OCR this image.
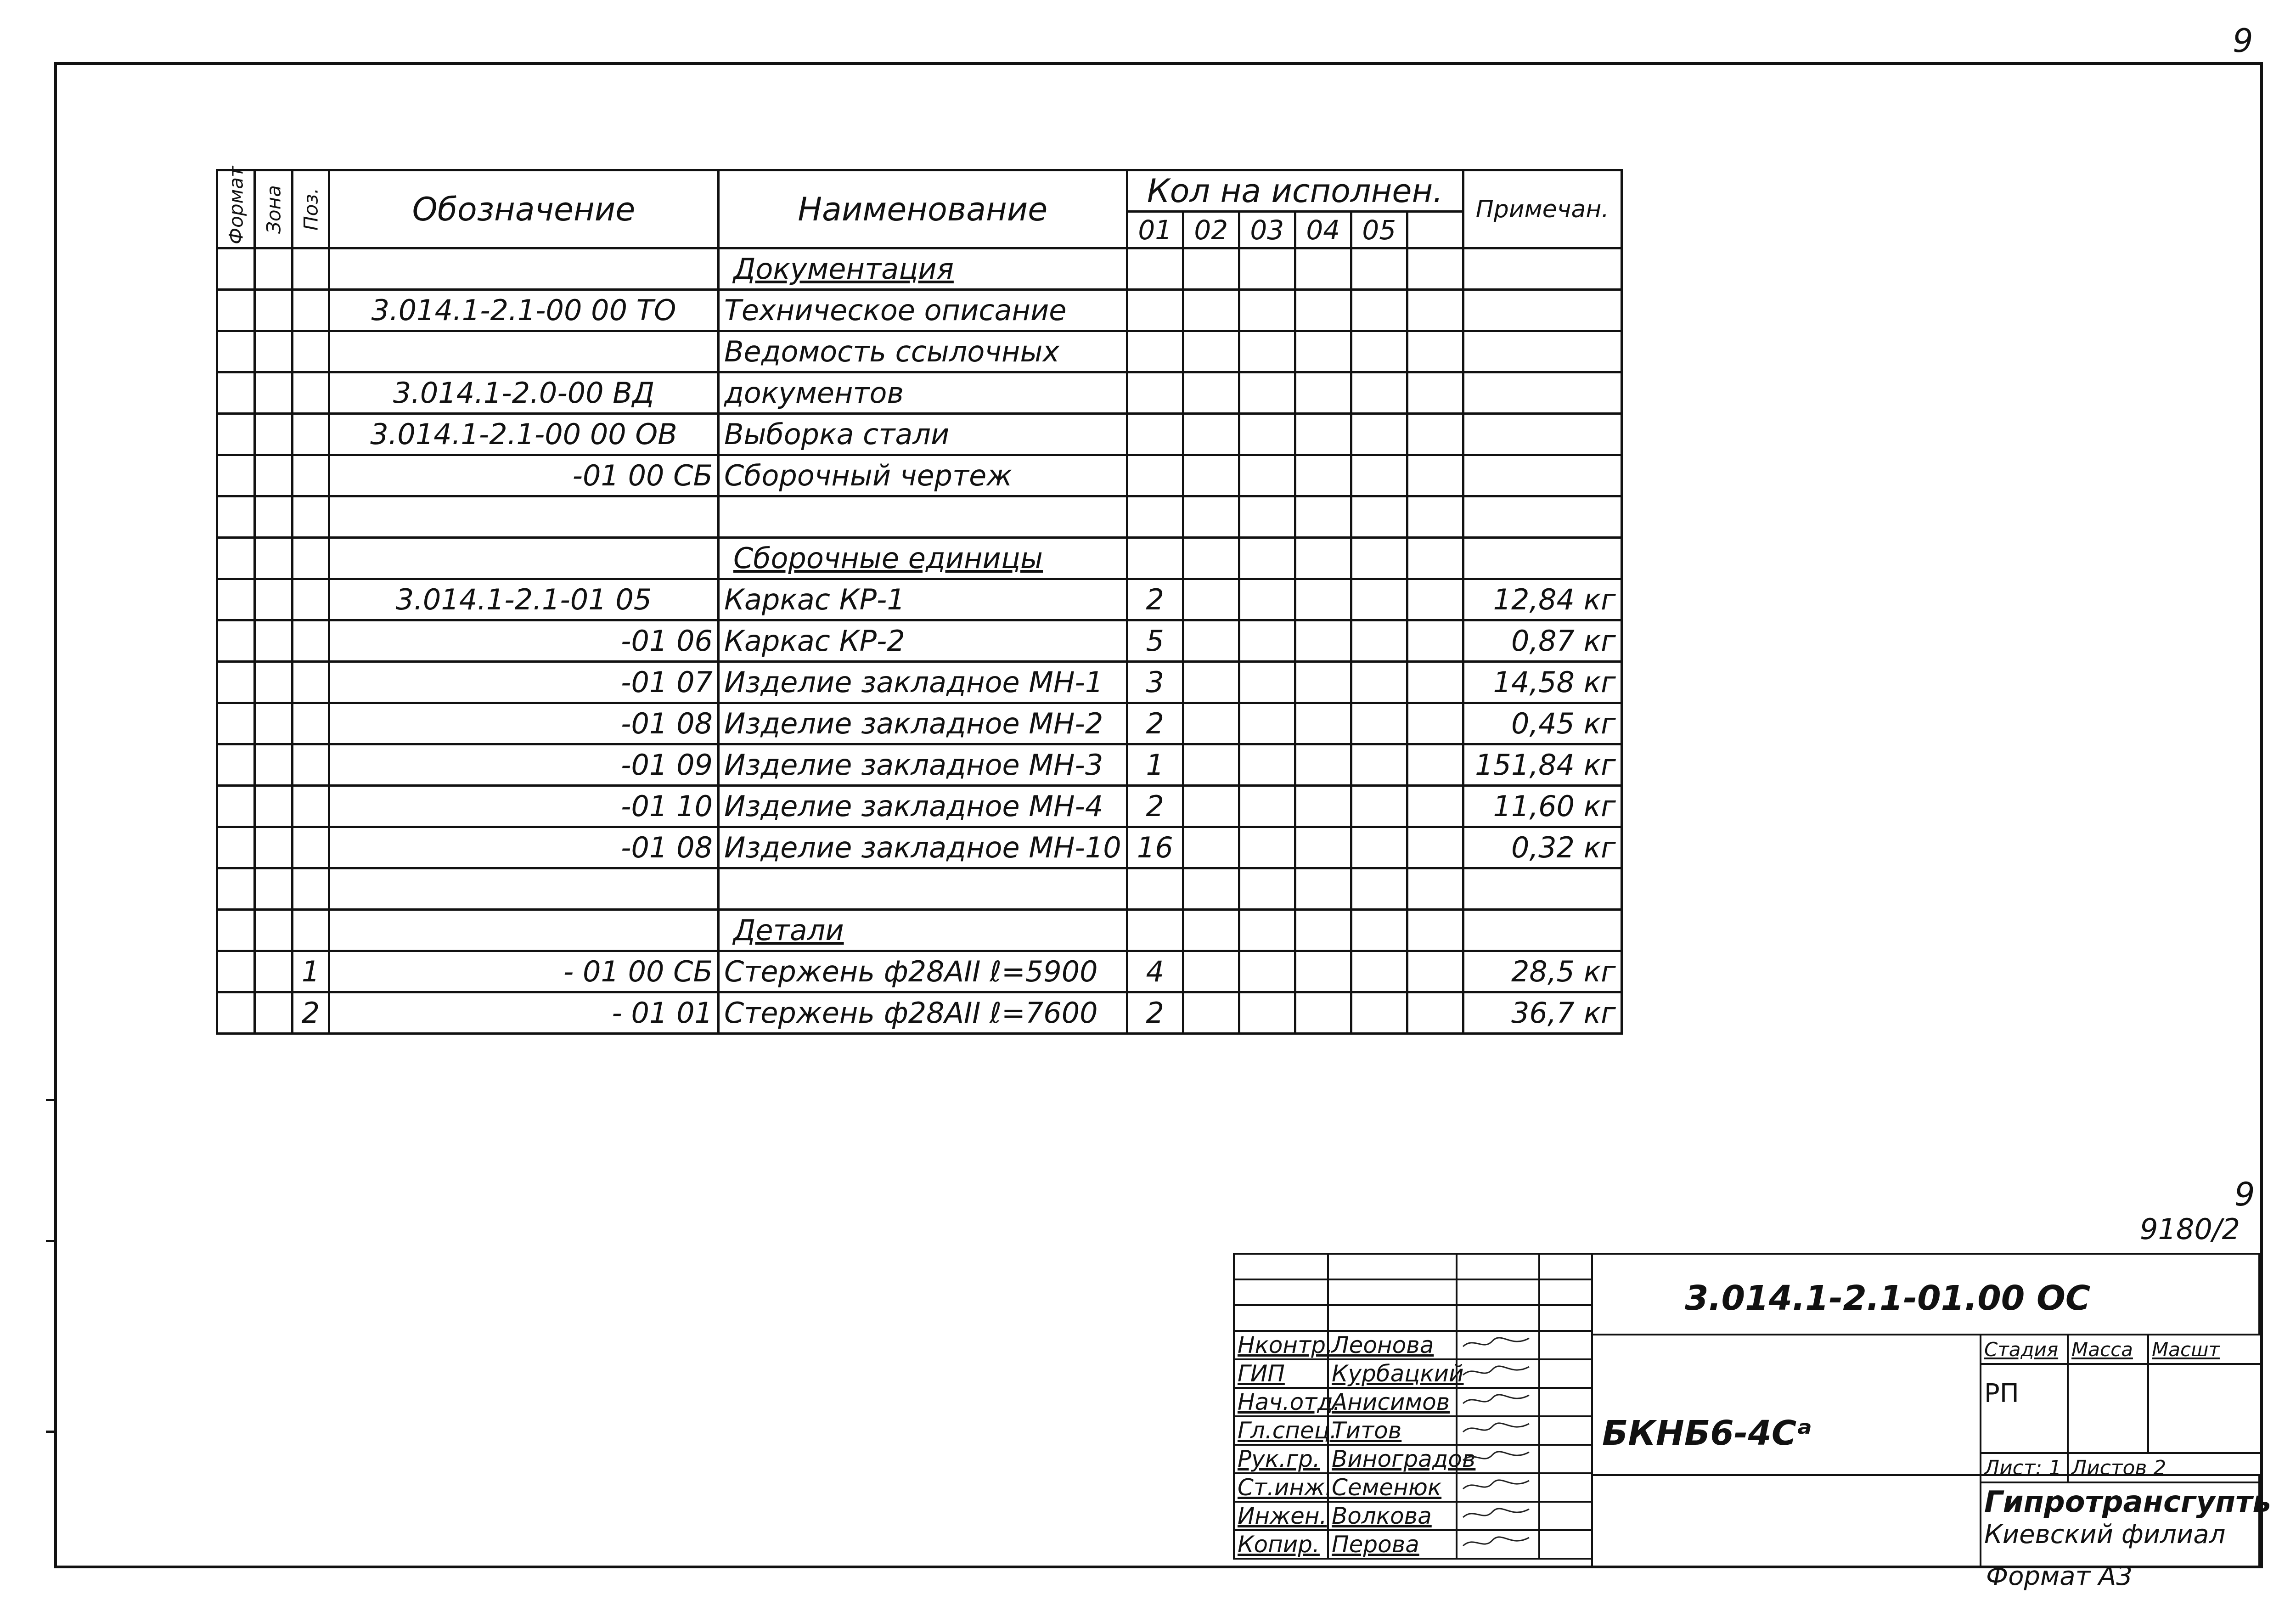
9
Формат	Зона	Поз.	Обозначение	Наименование	Кол на исполнен.						Примечан.
					01	02	03	04	05		
				Документация							
			3.014.1-2.1-00 00 ТО	Техническое описание							
				Ведомость ссылочных							
			3.014.1-2.0-00 ВД	документов							
			3.014.1-2.1-00 00 ОВ	Выборка стали							
			-01 00 СБ	Сборочный чертеж							

				Сборочные единицы							
			3.014.1-2.1-01 05	Каркас КР-1	2						12,84 кг
			-01 06	Каркас КР-2	5						0,87 кг
			-01 07	Изделие закладное МН-1	3						14,58 кг
			-01 08	Изделие закладное МН-2	2						0,45 кг
			-01 09	Изделие закладное МН-3	1						151,84 кг
			-01 10	Изделие закладное МН-4	2						11,60 кг
			-01 08	Изделие закладное МН-10	16						0,32 кг

				Детали							
		1	- 01 00 СБ	Стержень ф28АII ℓ=5900	4						28,5 кг
		2	- 01 01	Стержень ф28АII ℓ=7600	2						36,7 кг
9180/2
9

Нконтр.	Леонова		
ГИП	Курбацкий		
Нач.отд.	Анисимов		
Гл.спец.	Титов		
Рук.гр.	Виноградов		
Ст.инж.	Семенюк		
Инжен.	Волкова		
Копир.	Перова		
3.014.1-2.1-01.00 ОС
БКНБ6-4Сᵃ
Стадия	Масса	Масшт
РП		
Лист: 1	Листов 2	
Гипротрансгупть
Киевский филиал
Формат А3
